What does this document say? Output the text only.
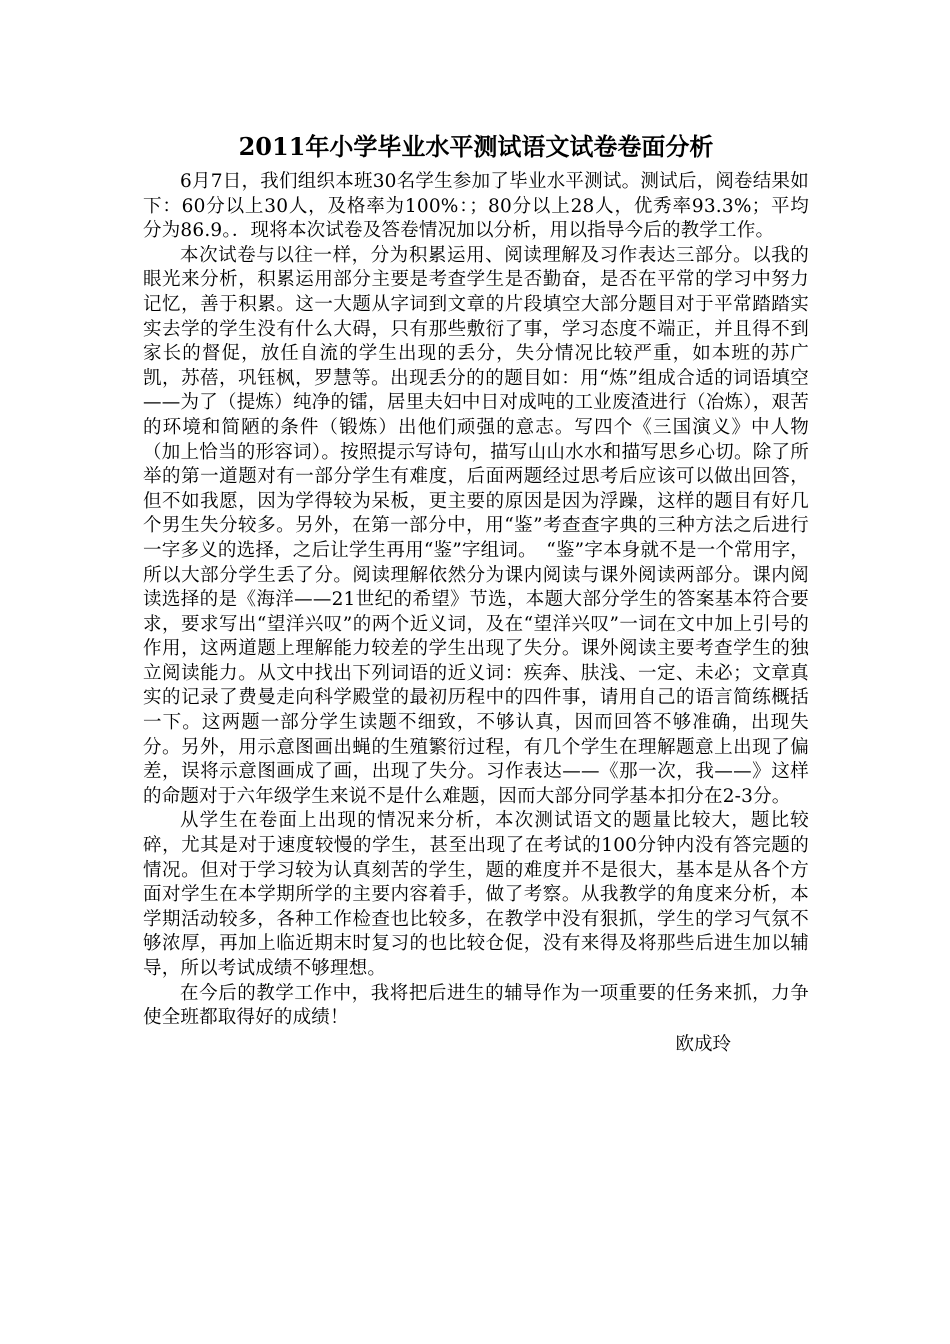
2011年小学毕业水平测试语文试卷卷面分析

6月7日，我们组织本班30名学生参加了毕业水平测试。测试后，阅卷结果如下：60分以上30人，及格率为100%：；80分以上28人，优秀率93.3%；平均分为86.9。．现将本次试卷及答卷情况加以分析，用以指导今后的教学工作。

本次试卷与以往一样，分为积累运用、阅读理解及习作表达三部分。以我的眼光来分析，积累运用部分主要是考查学生是否勤奋，是否在平常的学习中努力记忆，善于积累。这一大题从字词到文章的片段填空大部分题目对于平常踏踏实实去学的学生没有什么大碍，只有那些敷衍了事，学习态度不端正，并且得不到家长的督促，放任自流的学生出现的丢分，失分情况比较严重，如本班的苏广凯，苏蓓，巩钰枫，罗慧等。出现丢分的的题目如：用“炼”组成合适的词语填空——为了（提炼）纯净的镭，居里夫妇中日对成吨的工业废渣进行（冶炼），艰苦的环境和简陋的条件（锻炼）出他们顽强的意志。写四个《三国演义》中人物（加上恰当的形容词）。按照提示写诗句，描写山山水水和描写思乡心切。除了所举的第一道题对有一部分学生有难度，后面两题经过思考后应该可以做出回答，但不如我愿，因为学得较为呆板，更主要的原因是因为浮躁，这样的题目有好几个男生失分较多。另外，在第一部分中，用“鉴”考查查字典的三种方法之后进行一字多义的选择，之后让学生再用“鉴”字组词。　“鉴”字本身就不是一个常用字，所以大部分学生丢了分。阅读理解依然分为课内阅读与课外阅读两部分。课内阅读选择的是《海洋——21世纪的希望》节选，本题大部分学生的答案基本符合要求，要求写出“望洋兴叹”的两个近义词，及在“望洋兴叹”一词在文中加上引号的作用，这两道题上理解能力较差的学生出现了失分。课外阅读主要考查学生的独立阅读能力。从文中找出下列词语的近义词：疾奔、肤浅、一定、未必；文章真实的记录了费曼走向科学殿堂的最初历程中的四件事，请用自己的语言简练概括一下。这两题一部分学生读题不细致，不够认真，因而回答不够准确，出现失分。另外，用示意图画出蝇的生殖繁衍过程，有几个学生在理解题意上出现了偏差，误将示意图画成了画，出现了失分。习作表达——《那一次，我——》这样的命题对于六年级学生来说不是什么难题，因而大部分同学基本扣分在2-3分。

从学生在卷面上出现的情况来分析，本次测试语文的题量比较大，题比较碎，尤其是对于速度较慢的学生，甚至出现了在考试的100分钟内没有答完题的情况。但对于学习较为认真刻苦的学生，题的难度并不是很大，基本是从各个方面对学生在本学期所学的主要内容着手，做了考察。从我教学的角度来分析，本学期活动较多，各种工作检查也比较多，在教学中没有狠抓，学生的学习气氛不够浓厚，再加上临近期末时复习的也比较仓促，没有来得及将那些后进生加以辅导，所以考试成绩不够理想。

在今后的教学工作中，我将把后进生的辅导作为一项重要的任务来抓，力争使全班都取得好的成绩！

欧成玲
